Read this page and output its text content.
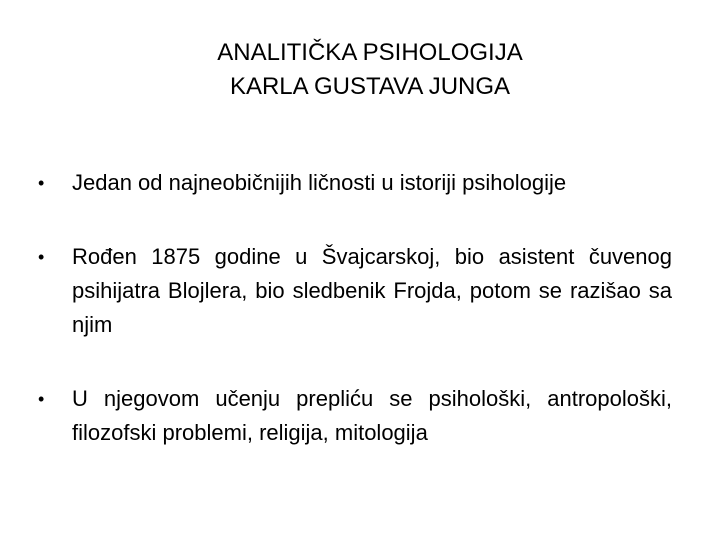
ANALITIČKA PSIHOLOGIJA
KARLA GUSTAVA JUNGA
• Jedan od najneobičnijih ličnosti u istoriji psihologije
• Rođen 1875 godine u Švajcarskoj, bio asistent čuvenog psihijatra Blojlera, bio sledbenik Frojda, potom se razišao sa njim
• U njegovom učenju prepliću se psihološki, antropološki, filozofski problemi, religija, mitologija
